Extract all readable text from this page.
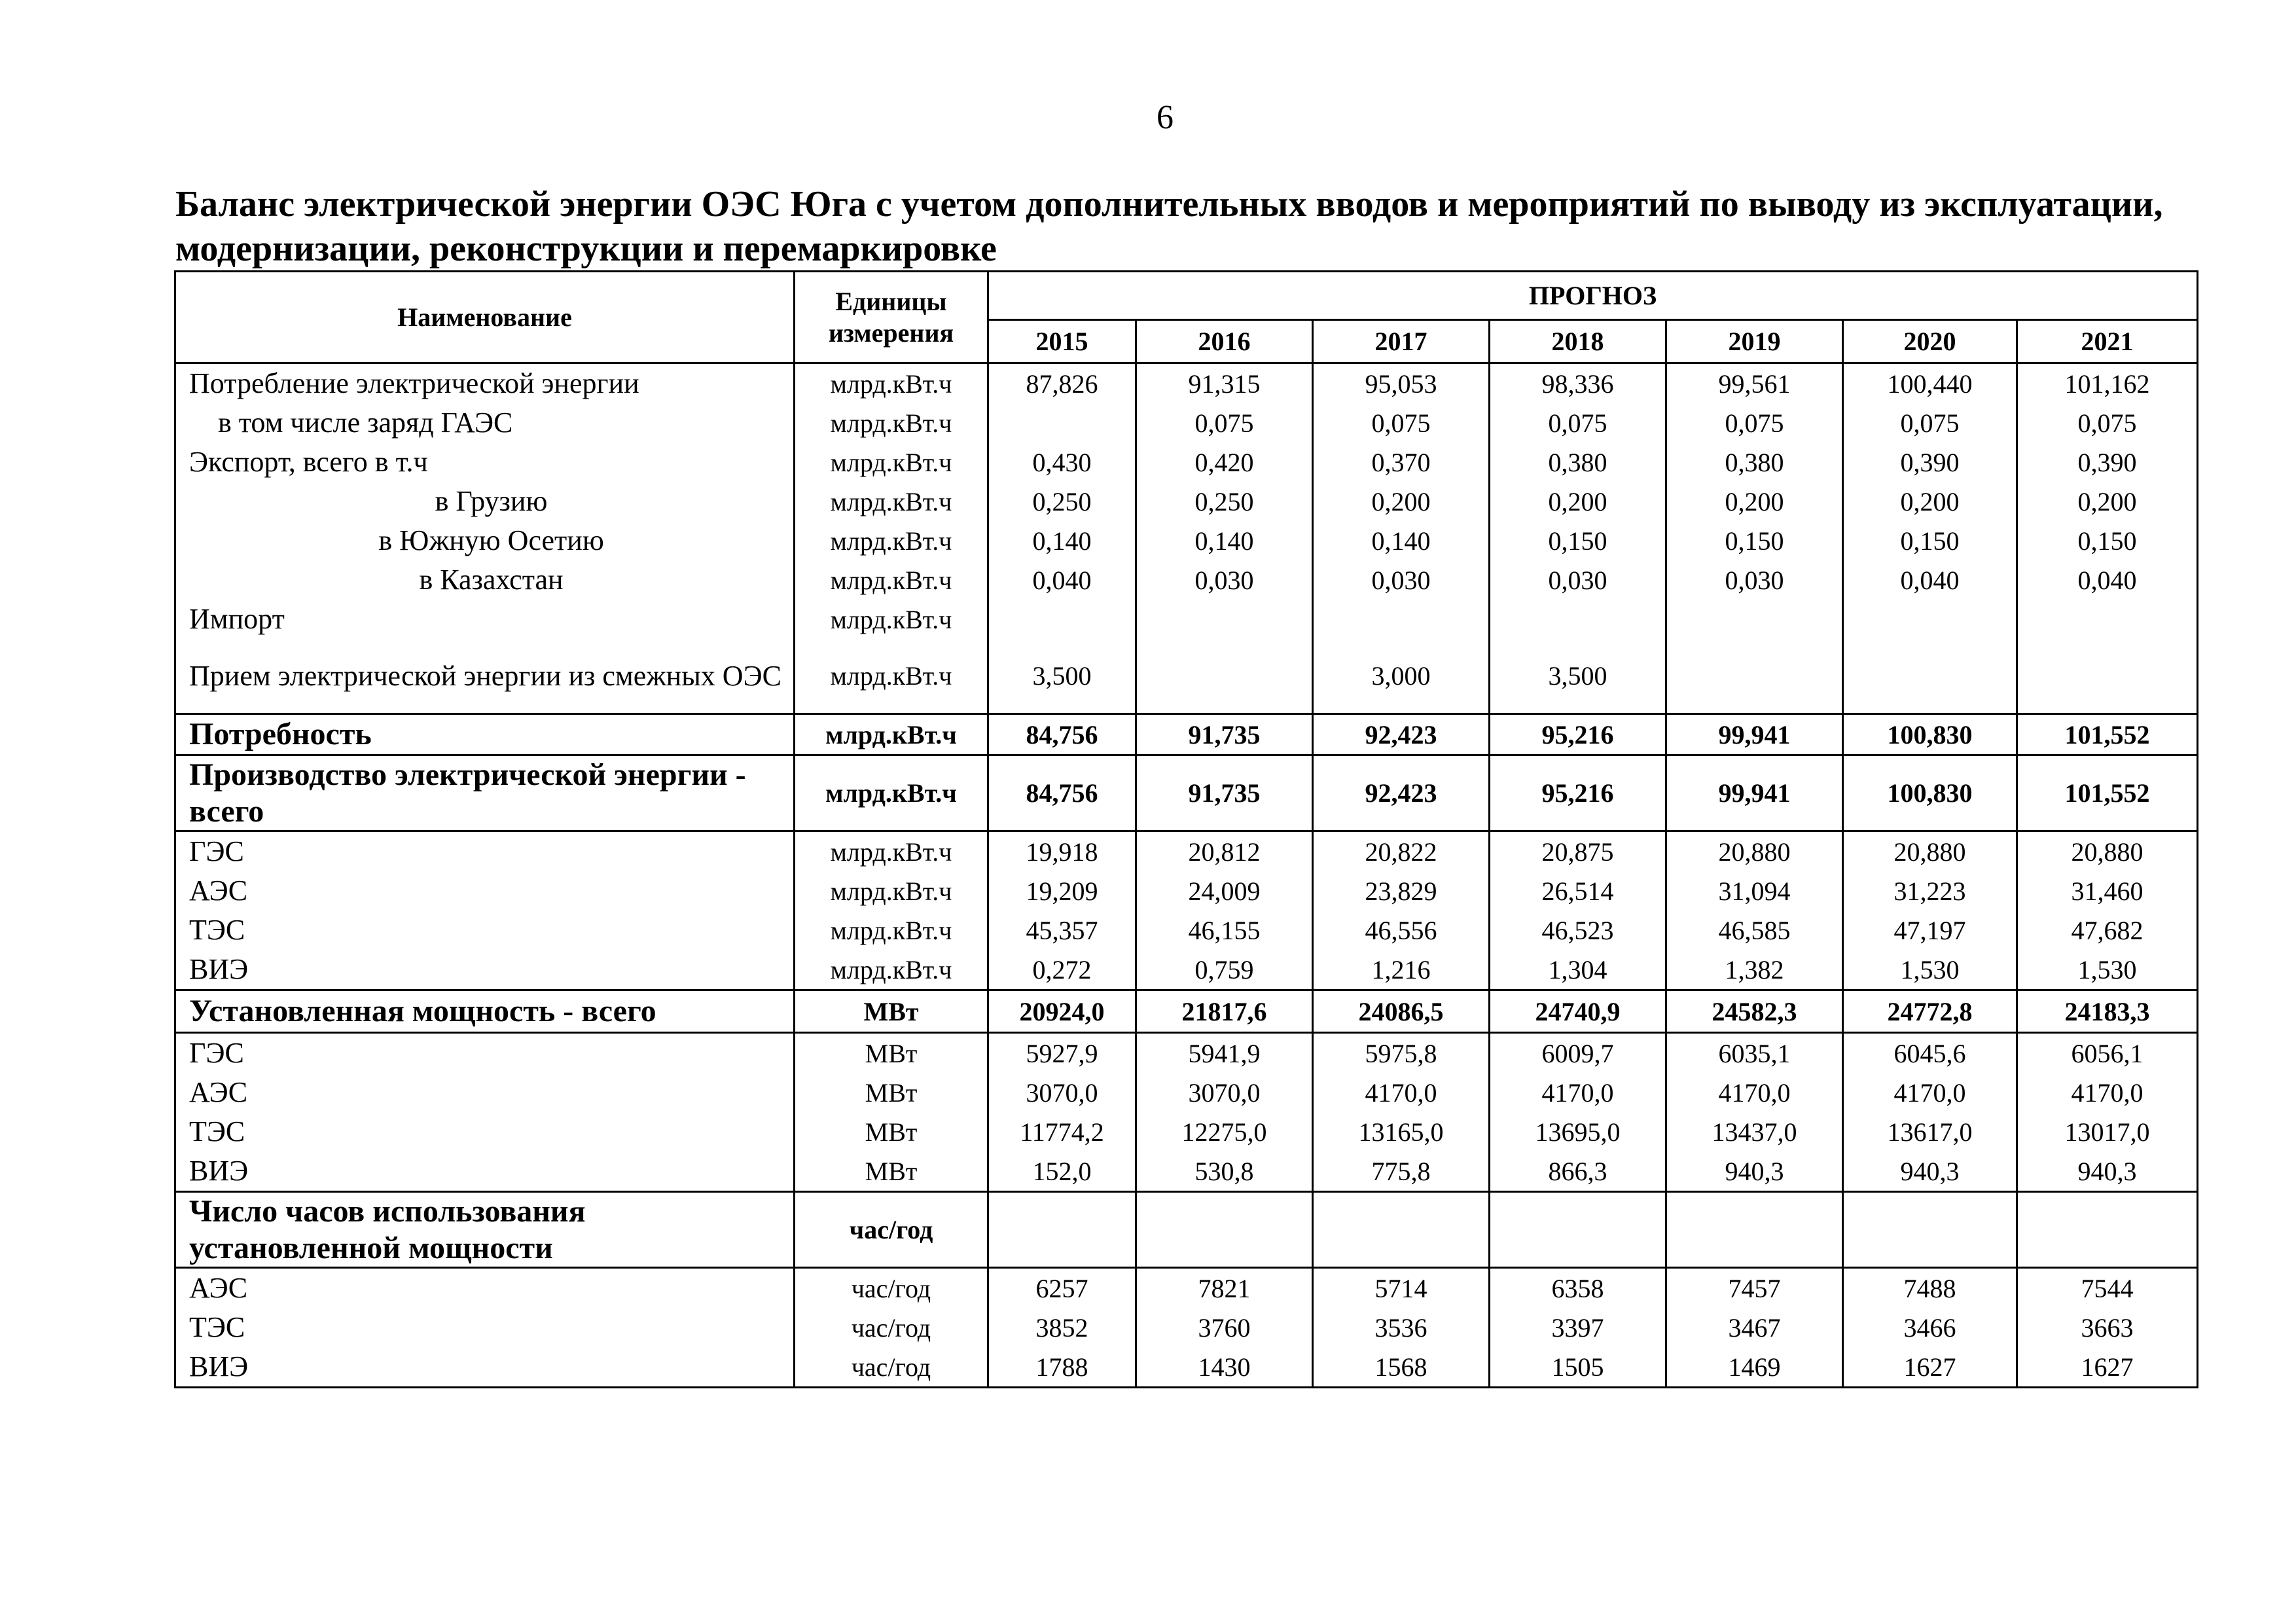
6
Баланс электрической энергии ОЭС Юга с учетом дополнительных вводов и мероприятий по выводу из эксплуатации, модернизации, реконструкции и перемаркировке
Наименование	Единицы измерения	ПРОГНОЗ						
		2015	2016	2017	2018	2019	2020	2021
Потребление электрической энергии	млрд.кВт.ч	87,826	91,315	95,053	98,336	99,561	100,440	101,162
в том числе заряд ГАЭС	млрд.кВт.ч		0,075	0,075	0,075	0,075	0,075	0,075
Экспорт, всего в т.ч	млрд.кВт.ч	0,430	0,420	0,370	0,380	0,380	0,390	0,390
в Грузию	млрд.кВт.ч	0,250	0,250	0,200	0,200	0,200	0,200	0,200
в Южную Осетию	млрд.кВт.ч	0,140	0,140	0,140	0,150	0,150	0,150	0,150
в Казахстан	млрд.кВт.ч	0,040	0,030	0,030	0,030	0,030	0,040	0,040
Импорт	млрд.кВт.ч							
Прием электрической энергии из смежных ОЭС	млрд.кВт.ч	3,500		3,000	3,500			
Потребность	млрд.кВт.ч	84,756	91,735	92,423	95,216	99,941	100,830	101,552
Производство электрической энергии - всего	млрд.кВт.ч	84,756	91,735	92,423	95,216	99,941	100,830	101,552
ГЭС	млрд.кВт.ч	19,918	20,812	20,822	20,875	20,880	20,880	20,880
АЭС	млрд.кВт.ч	19,209	24,009	23,829	26,514	31,094	31,223	31,460
ТЭС	млрд.кВт.ч	45,357	46,155	46,556	46,523	46,585	47,197	47,682
ВИЭ	млрд.кВт.ч	0,272	0,759	1,216	1,304	1,382	1,530	1,530
Установленная мощность - всего	МВт	20924,0	21817,6	24086,5	24740,9	24582,3	24772,8	24183,3
ГЭС	МВт	5927,9	5941,9	5975,8	6009,7	6035,1	6045,6	6056,1
АЭС	МВт	3070,0	3070,0	4170,0	4170,0	4170,0	4170,0	4170,0
ТЭС	МВт	11774,2	12275,0	13165,0	13695,0	13437,0	13617,0	13017,0
ВИЭ	МВт	152,0	530,8	775,8	866,3	940,3	940,3	940,3
Число часов использования установленной мощности	час/год							
АЭС	час/год	6257	7821	5714	6358	7457	7488	7544
ТЭС	час/год	3852	3760	3536	3397	3467	3466	3663
ВИЭ	час/год	1788	1430	1568	1505	1469	1627	1627
